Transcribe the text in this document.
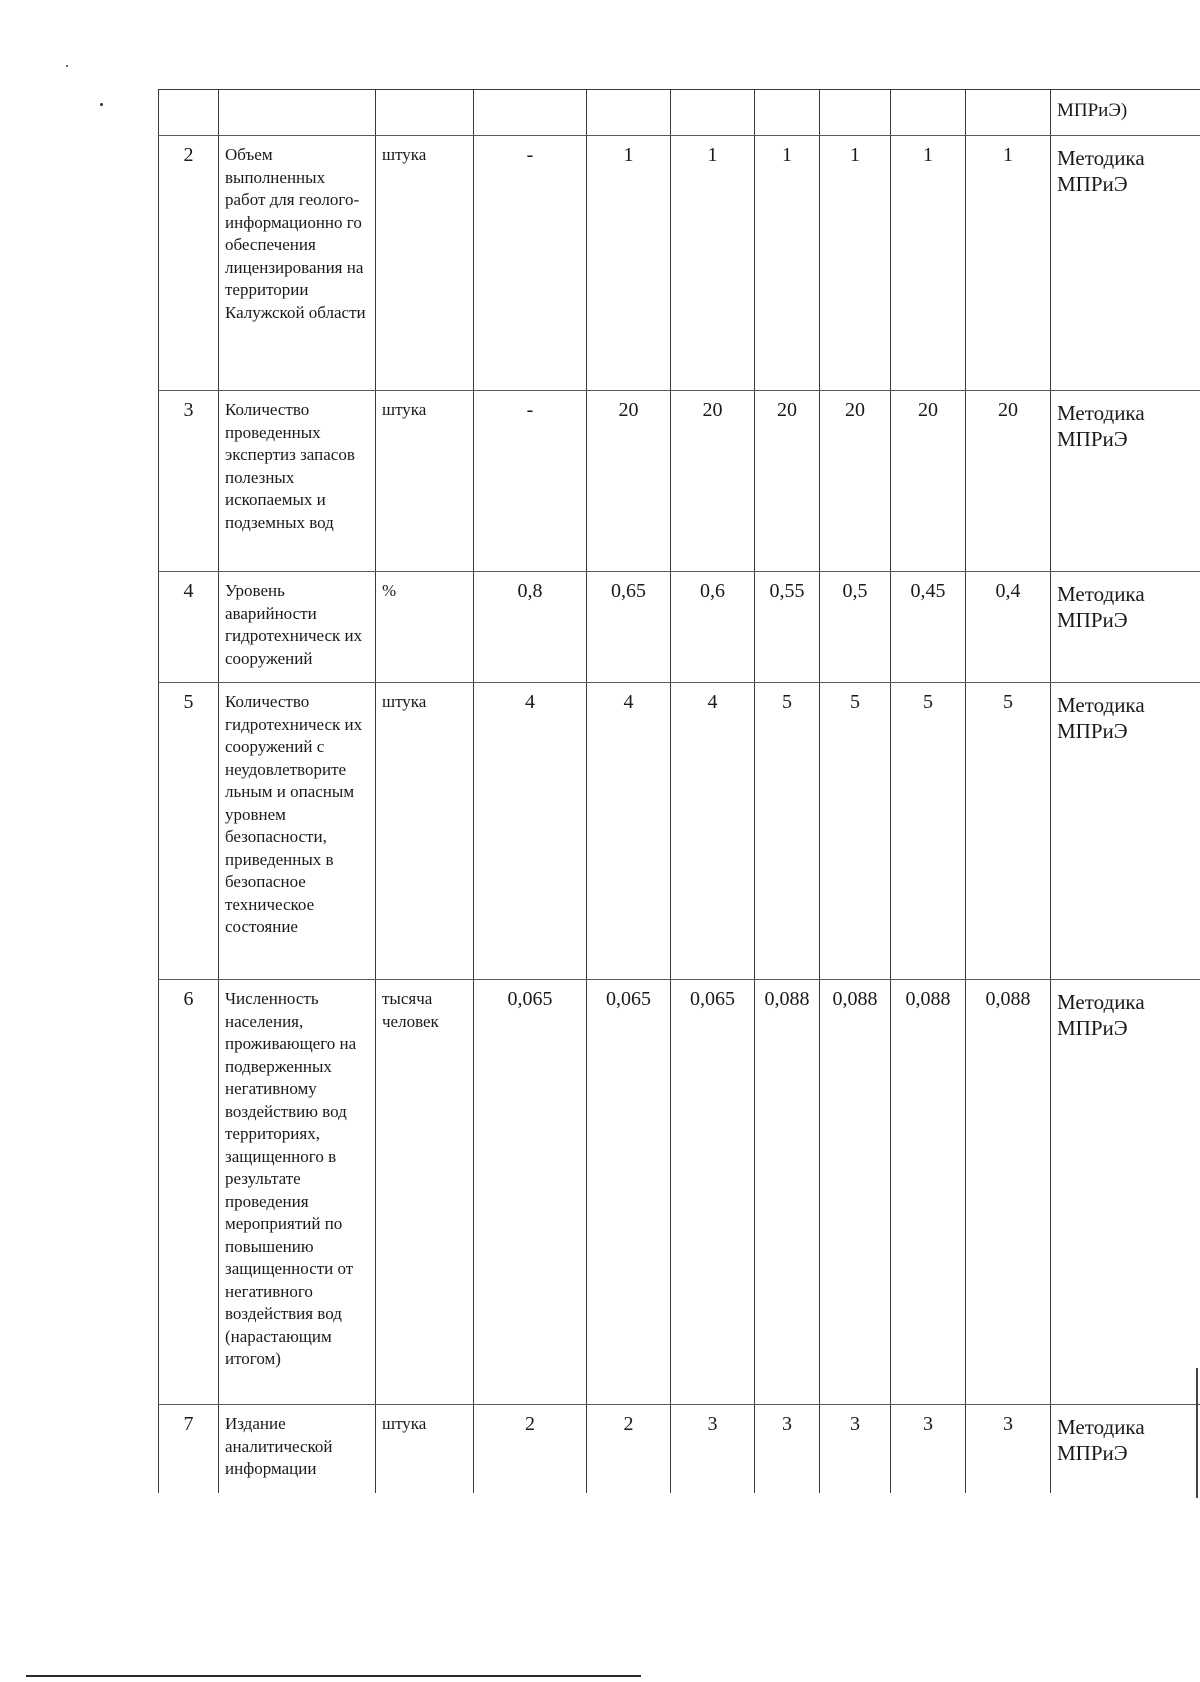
										МПРиЭ)
2	Объем выполненных работ для геолого-информационно го обеспечения лицензирования на территории Калужской области	штука	-	1	1	1	1	1	1	Методика МПРиЭ
3	Количество проведенных экспертиз запасов полезных ископаемых и подземных вод	штука	-	20	20	20	20	20	20	Методика МПРиЭ
4	Уровень аварийности гидротехническ их сооружений	%	0,8	0,65	0,6	0,55	0,5	0,45	0,4	Методика МПРиЭ
5	Количество гидротехническ их сооружений с неудовлетворите льным и опасным уровнем безопасности, приведенных в безопасное техническое состояние	штука	4	4	4	5	5	5	5	Методика МПРиЭ
6	Численность населения, проживающего на подверженных негативному воздействию вод территориях, защищенного в результате проведения мероприятий по повышению защищенности от негативного воздействия вод (нарастающим итогом)	тысяча человек	0,065	0,065	0,065	0,088	0,088	0,088	0,088	Методика МПРиЭ
7	Издание аналитической информации	штука	2	2	3	3	3	3	3	Методика МПРиЭ
